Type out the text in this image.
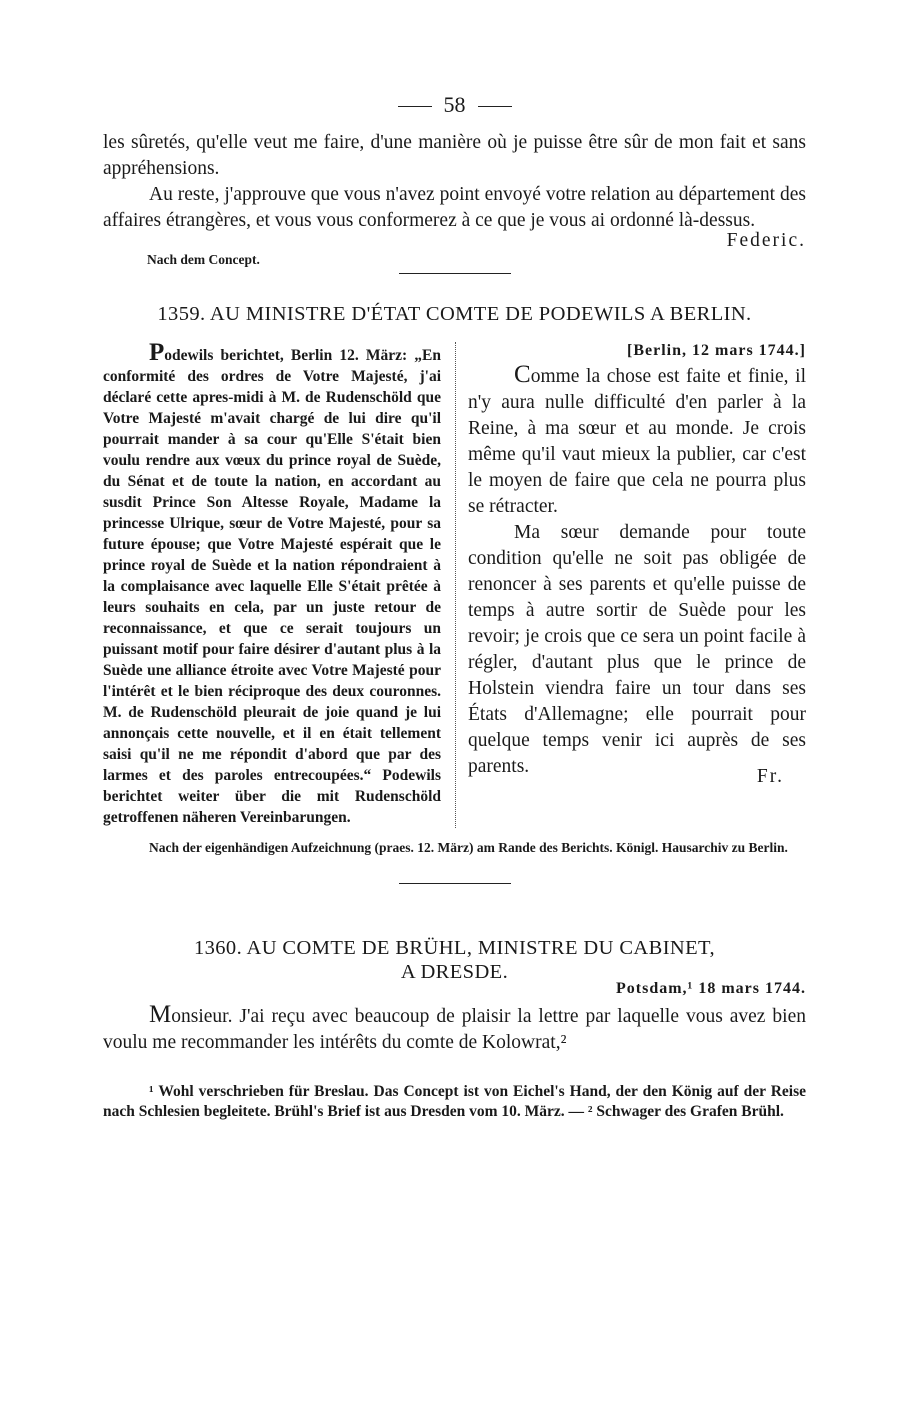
58

les sûretés, qu'elle veut me faire, d'une manière où je puisse être sûr de mon fait et sans appréhensions.

Au reste, j'approuve que vous n'avez point envoyé votre relation au département des affaires étrangères, et vous vous conformerez à ce que je vous ai ordonné là-dessus.

Federic.
Nach dem Concept.
1359. AU MINISTRE D'ÉTAT COMTE DE PODEWILS A BERLIN.

Podewils berichtet, Berlin 12. März: „En conformité des ordres de Votre Majesté, j'ai déclaré cette apres-midi à M. de Rudenschöld que Votre Majesté m'avait chargé de lui dire qu'il pourrait mander à sa cour qu'Elle S'était bien voulu rendre aux vœux du prince royal de Suède, du Sénat et de toute la nation, en accordant au susdit Prince Son Altesse Royale, Madame la princesse Ulrique, sœur de Votre Majesté, pour sa future épouse; que Votre Majesté espérait que le prince royal de Suède et la nation répondraient à la complaisance avec laquelle Elle S'était prêtée à leurs souhaits en cela, par un juste retour de reconnaissance, et que ce serait toujours un puissant motif pour faire désirer d'autant plus à la Suède une alliance étroite avec Votre Majesté pour l'intérêt et le bien réciproque des deux couronnes. M. de Rudenschöld pleurait de joie quand je lui annonçais cette nouvelle, et il en était tellement saisi qu'il ne me répondit d'abord que par des larmes et des paroles entrecoupées.“ Podewils berichtet weiter über die mit Rudenschöld getroffenen näheren Vereinbarungen.

[Berlin, 12 mars 1744.]

Comme la chose est faite et finie, il n'y aura nulle difficulté d'en parler à la Reine, à ma sœur et au monde. Je crois même qu'il vaut mieux la publier, car c'est le moyen de faire que cela ne pourra plus se rétracter.

Ma sœur demande pour toute condition qu'elle ne soit pas obligée de renoncer à ses parents et qu'elle puisse de temps à autre sortir de Suède pour les revoir; je crois que ce sera un point facile à régler, d'autant plus que le prince de Holstein viendra faire un tour dans ses États d'Allemagne; elle pourrait pour quelque temps venir ici auprès de ses parents.	Fr.
Nach der eigenhändigen Aufzeichnung (praes. 12. März) am Rande des Berichts. Königl. Hausarchiv zu Berlin.
1360. AU COMTE DE BRÜHL, MINISTRE DU CABINET,
A DRESDE.
Potsdam,¹ 18 mars 1744.

Monsieur. J'ai reçu avec beaucoup de plaisir la lettre par laquelle vous avez bien voulu me recommander les intérêts du comte de Kolowrat,²

¹ Wohl verschrieben für Breslau. Das Concept ist von Eichel's Hand, der den König auf der Reise nach Schlesien begleitete. Brühl's Brief ist aus Dresden vom 10. März. — ² Schwager des Grafen Brühl.
